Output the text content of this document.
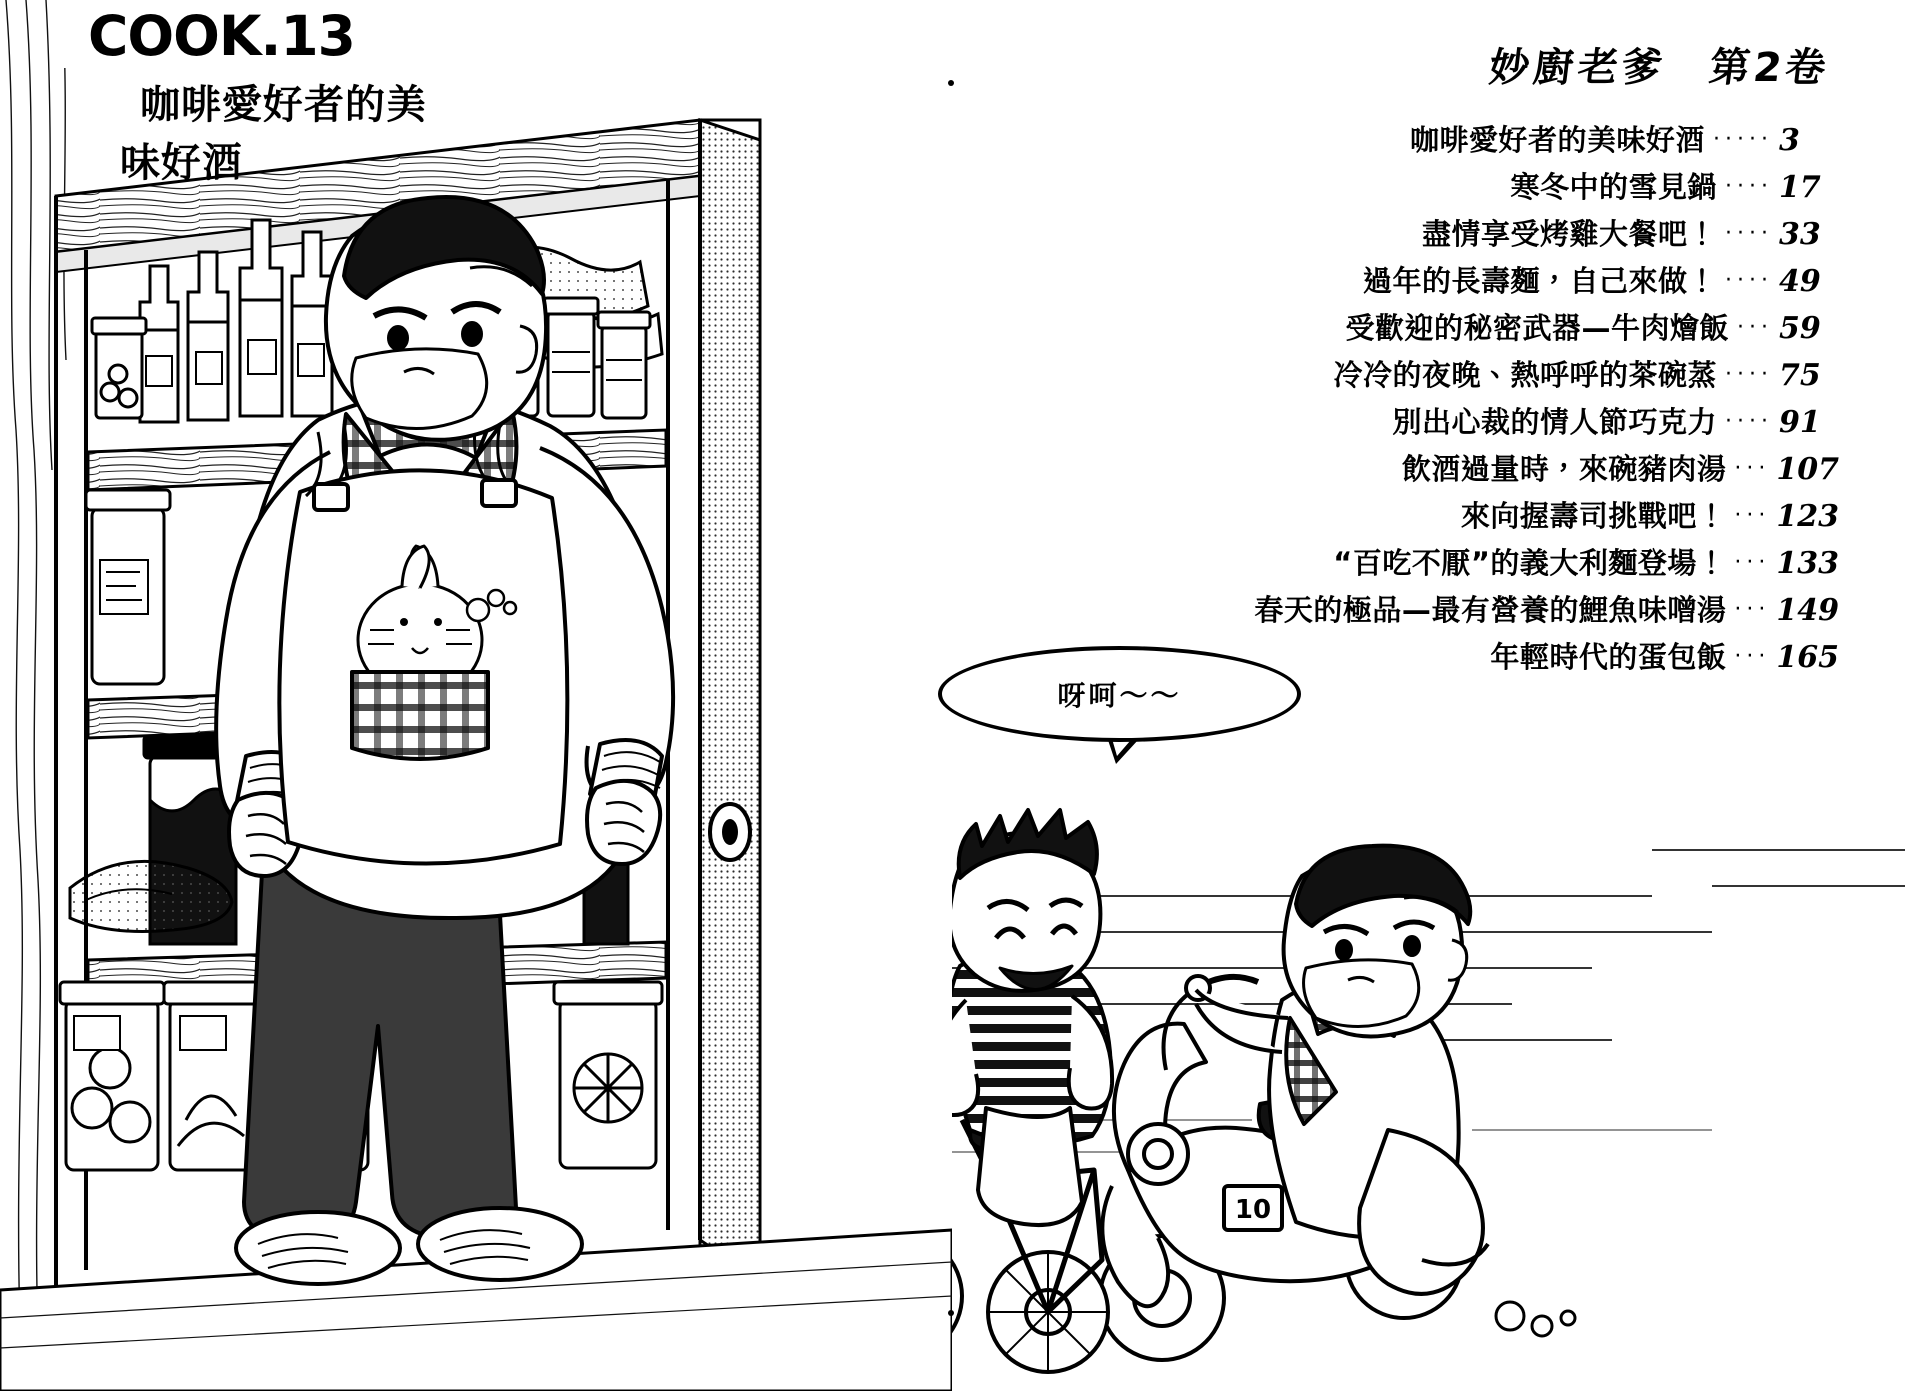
COOK.13
咖啡愛好者的美
味好酒
妙廚老爹　第2卷
咖啡愛好者的美味好酒 ····· 3
寒冬中的雪見鍋 ···· 17
盡情享受烤雞大餐吧！ ···· 33
過年的長壽麵，自己來做！ ···· 49
受歡迎的秘密武器—牛肉燴飯 ··· 59
冷冷的夜晚、熱呼呼的茶碗蒸 ···· 75
別出心裁的情人節巧克力 ···· 91
飲酒過量時，來碗豬肉湯 ··· 107
來向握壽司挑戰吧！ ··· 123
“百吃不厭”的義大利麵登場！ ··· 133
春天的極品—最有營養的鯉魚味噌湯 ··· 149
年輕時代的蛋包飯 ··· 165
呀呵～～
10
